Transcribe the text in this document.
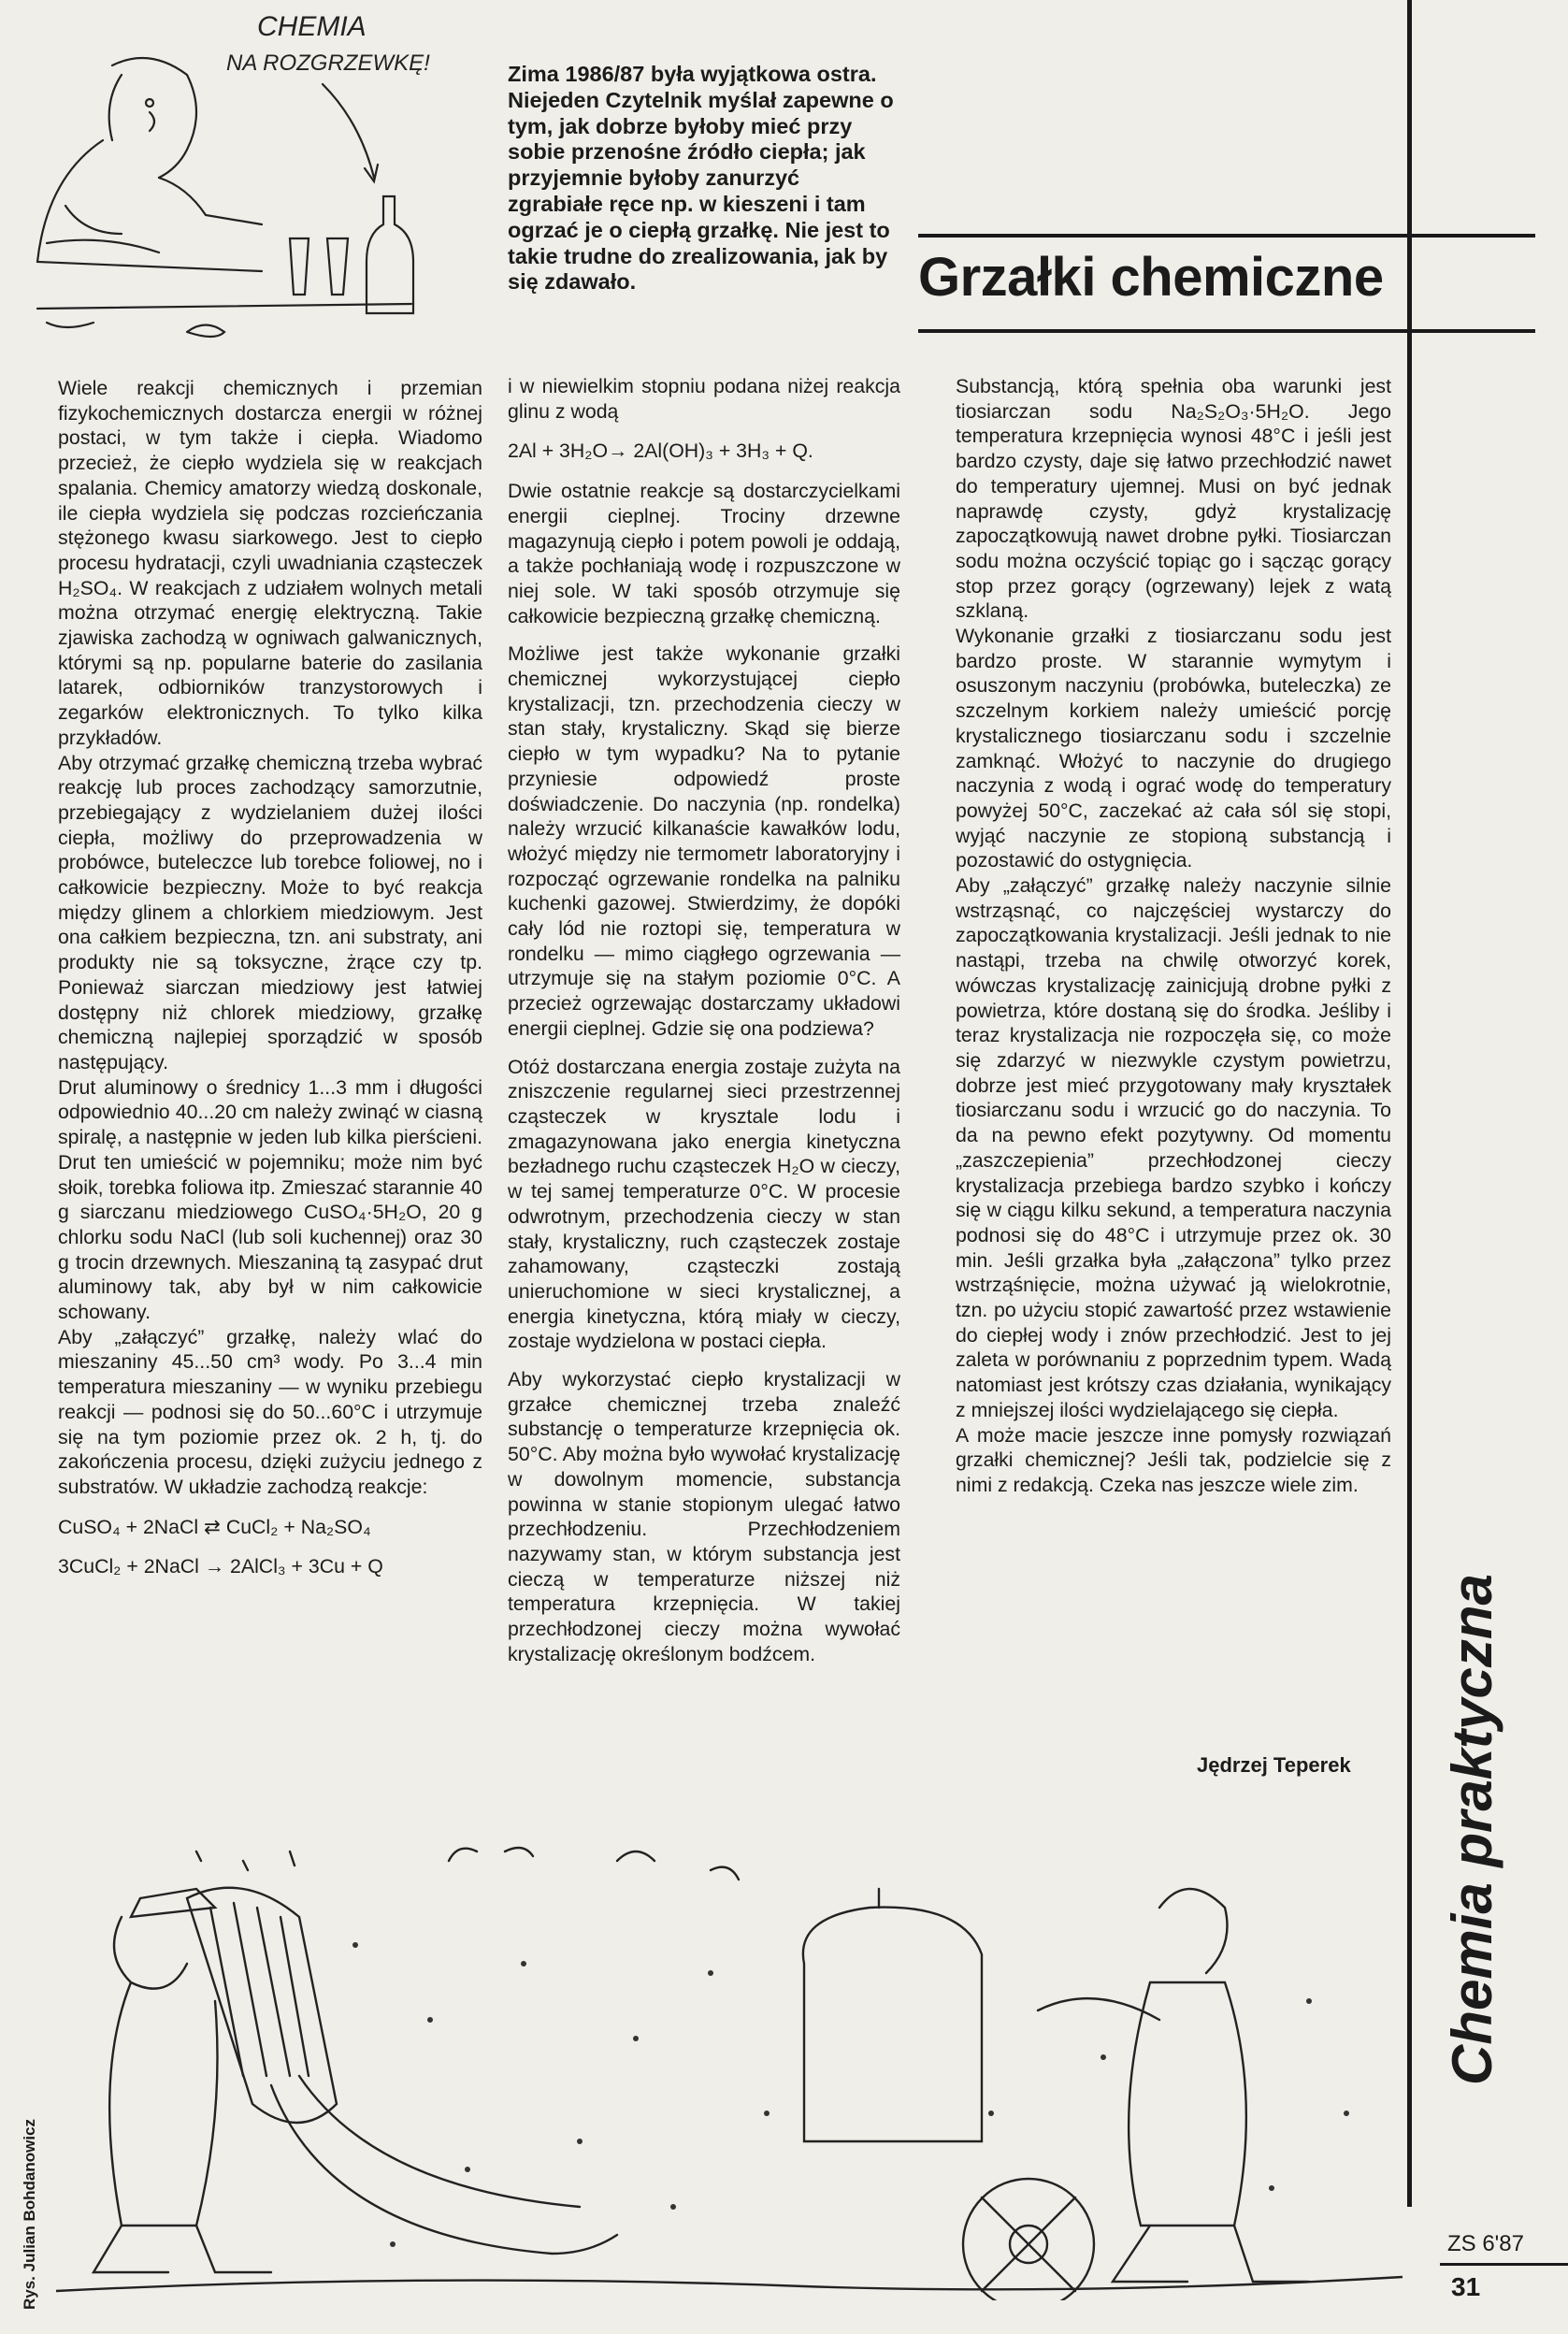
CHEMIA
NA ROZGRZEWKĘ!	Zima 1986/87 była wyjątkowa ostra. Niejeden Czytelnik myślał zapewne o tym, jak dobrze byłoby mieć przy sobie przenośne źródło ciepła; jak przyjemnie byłoby zanurzyć zgrabiałe ręce np. w kieszeni i tam ogrzać je o ciepłą grzałkę. Nie jest to takie trudne do zrealizowania, jak by się zdawało.	Grzałki chemiczne
Chemia praktyczna

Wiele reakcji chemicznych i przemian fizykochemicznych dostarcza energii w różnej postaci, w tym także i ciepła. Wiadomo przecież, że ciepło wydziela się w reakcjach spalania. Chemicy amatorzy wiedzą doskonale, ile ciepła wydziela się podczas rozcieńczania stężonego kwasu siarkowego. Jest to ciepło procesu hydratacji, czyli uwadniania cząsteczek H₂SO₄. W reakcjach z udziałem wolnych metali można otrzymać energię elektryczną. Takie zjawiska zachodzą w ogniwach galwanicznych, którymi są np. popularne baterie do zasilania latarek, odbiorników tranzystorowych i zegarków elektronicznych. To tylko kilka przykładów.

Aby otrzymać grzałkę chemiczną trzeba wybrać reakcję lub proces zachodzący samorzutnie, przebiegający z wydzielaniem dużej ilości ciepła, możliwy do przeprowadzenia w probówce, buteleczce lub torebce foliowej, no i całkowicie bezpieczny. Może to być reakcja między glinem a chlorkiem miedziowym. Jest ona całkiem bezpieczna, tzn. ani substraty, ani produkty nie są toksyczne, żrące czy tp. Ponieważ siarczan miedziowy jest łatwiej dostępny niż chlorek miedziowy, grzałkę chemiczną najlepiej sporządzić w sposób następujący.

Drut aluminowy o średnicy 1...3 mm i długości odpowiednio 40...20 cm należy zwinąć w ciasną spiralę, a następnie w jeden lub kilka pierścieni. Drut ten umieścić w pojemniku; może nim być słoik, torebka foliowa itp. Zmieszać starannie 40 g siarczanu miedziowego CuSO₄·5H₂O, 20 g chlorku sodu NaCl (lub soli kuchennej) oraz 30 g trocin drzewnych. Mieszaniną tą zasypać drut aluminowy tak, aby był w nim całkowicie schowany.

Aby „załączyć” grzałkę, należy wlać do mieszaniny 45...50 cm³ wody. Po 3...4 min temperatura mieszaniny — w wyniku przebiegu reakcji — podnosi się do 50...60°C i utrzymuje się na tym poziomie przez ok. 2 h, tj. do zakończenia procesu, dzięki zużyciu jednego z substratów. W układzie zachodzą reakcje:

CuSO₄ + 2NaCl ⇄ CuCl₂ + Na₂SO₄

3CuCl₂ + 2NaCl → 2AlCl₃ + 3Cu + Q

i w niewielkim stopniu podana niżej reakcja glinu z wodą

2Al + 3H₂O→ 2Al(OH)₃ + 3H₃ + Q.

Dwie ostatnie reakcje są dostarczycielkami energii cieplnej. Trociny drzewne magazynują ciepło i potem powoli je oddają, a także pochłaniają wodę i rozpuszczone w niej sole. W taki sposób otrzymuje się całkowicie bezpieczną grzałkę chemiczną.

Możliwe jest także wykonanie grzałki chemicznej wykorzystującej ciepło krystalizacji, tzn. przechodzenia cieczy w stan stały, krystaliczny. Skąd się bierze ciepło w tym wypadku? Na to pytanie przyniesie odpowiedź proste doświadczenie. Do naczynia (np. rondelka) należy wrzucić kilkanaście kawałków lodu, włożyć między nie termometr laboratoryjny i rozpocząć ogrzewanie rondelka na palniku kuchenki gazowej. Stwierdzimy, że dopóki cały lód nie roztopi się, temperatura w rondelku — mimo ciągłego ogrzewania — utrzymuje się na stałym poziomie 0°C. A przecież ogrzewając dostarczamy układowi energii cieplnej. Gdzie się ona podziewa?

Otóż dostarczana energia zostaje zużyta na zniszczenie regularnej sieci przestrzennej cząsteczek w krysztale lodu i zmagazynowana jako energia kinetyczna bezładnego ruchu cząsteczek H₂O w cieczy, w tej samej temperaturze 0°C. W procesie odwrotnym, przechodzenia cieczy w stan stały, krystaliczny, ruch cząsteczek zostaje zahamowany, cząsteczki zostają unieruchomione w sieci krystalicznej, a energia kinetyczna, którą miały w cieczy, zostaje wydzielona w postaci ciepła.

Aby wykorzystać ciepło krystalizacji w grzałce chemicznej trzeba znaleźć substancję o temperaturze krzepnięcia ok. 50°C. Aby można było wywołać krystalizację w dowolnym momencie, substancja powinna w stanie stopionym ulegać łatwo przechłodzeniu. Przechłodzeniem nazywamy stan, w którym substancja jest cieczą w temperaturze niższej niż temperatura krzepnięcia. W takiej przechłodzonej cieczy można wywołać krystalizację określonym bodźcem.

Substancją, którą spełnia oba warunki jest tiosiarczan sodu Na₂S₂O₃·5H₂O. Jego temperatura krzepnięcia wynosi 48°C i jeśli jest bardzo czysty, daje się łatwo przechłodzić nawet do temperatury ujemnej. Musi on być jednak naprawdę czysty, gdyż krystalizację zapoczątkowują nawet drobne pyłki. Tiosiarczan sodu można oczyścić topiąc go i sącząc gorący stop przez gorący (ogrzewany) lejek z watą szklaną.

Wykonanie grzałki z tiosiarczanu sodu jest bardzo proste. W starannie wymytym i osuszonym naczyniu (probówka, buteleczka) ze szczelnym korkiem należy umieścić porcję krystalicznego tiosiarczanu sodu i szczelnie zamknąć. Włożyć to naczynie do drugiego naczynia z wodą i ograć wodę do temperatury powyżej 50°C, zaczekać aż cała sól się stopi, wyjąć naczynie ze stopioną substancją i pozostawić do ostygnięcia.

Aby „załączyć” grzałkę należy naczynie silnie wstrząsnąć, co najczęściej wystarczy do zapoczątkowania krystalizacji. Jeśli jednak to nie nastąpi, trzeba na chwilę otworzyć korek, wówczas krystalizację zainicjują drobne pyłki z powietrza, które dostaną się do środka. Jeśliby i teraz krystalizacja nie rozpoczęła się, co może się zdarzyć w niezwykle czystym powietrzu, dobrze jest mieć przygotowany mały kryształek tiosiarczanu sodu i wrzucić go do naczynia. To da na pewno efekt pozytywny. Od momentu „zaszczepienia” przechłodzonej cieczy krystalizacja przebiega bardzo szybko i kończy się w ciągu kilku sekund, a temperatura naczynia podnosi się do 48°C i utrzymuje przez ok. 30 min. Jeśli grzałka była „załączona” tylko przez wstrząśnięcie, można używać ją wielokrotnie, tzn. po użyciu stopić zawartość przez wstawienie do ciepłej wody i znów przechłodzić. Jest to jej zaleta w porównaniu z poprzednim typem. Wadą natomiast jest krótszy czas działania, wynikający z mniejszej ilości wydzielającego się ciepła.

A może macie jeszcze inne pomysły rozwiązań grzałki chemicznej? Jeśli tak, podzielcie się z nimi z redakcją. Czeka nas jeszcze wiele zim.

Jędrzej Teperek
Rys. Julian Bohdanowicz	ZS 6'87
31
